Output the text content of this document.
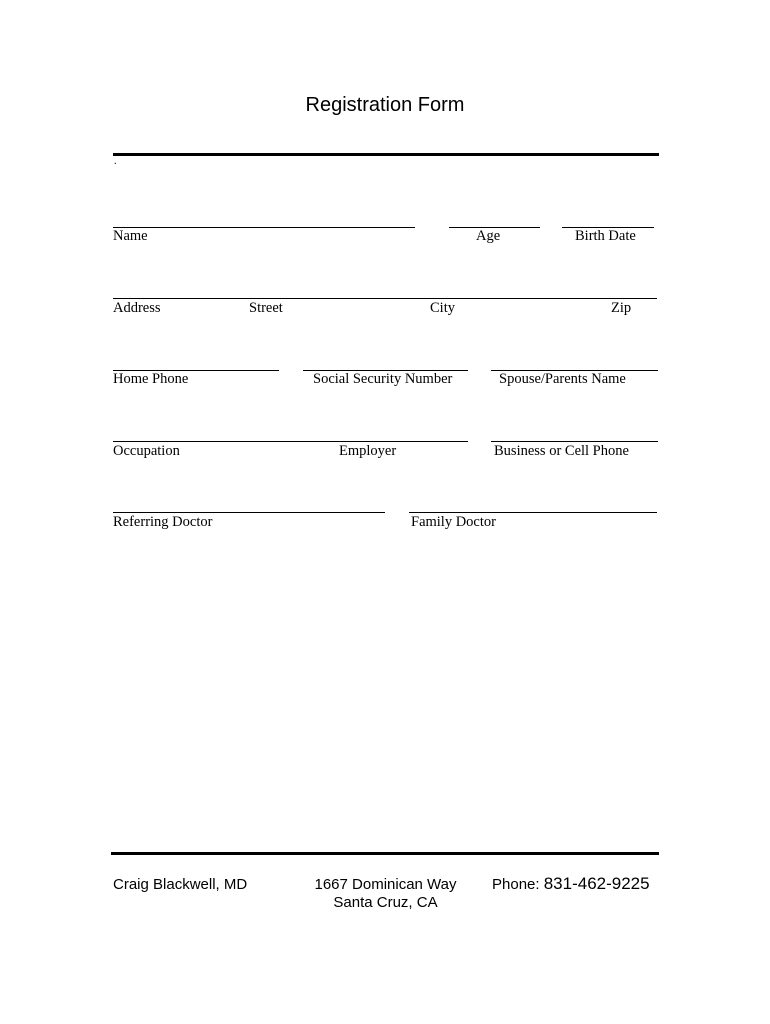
Registration Form
.
Name	Age	Birth Date
Address	Street	City	Zip
Home Phone	Social Security Number	Spouse/Parents Name
Occupation	Employer	Business or Cell Phone
Referring Doctor	Family Doctor
Craig Blackwell, MD	1667 Dominican Way
Santa Cruz, CA
Phone: 831-462-9225
